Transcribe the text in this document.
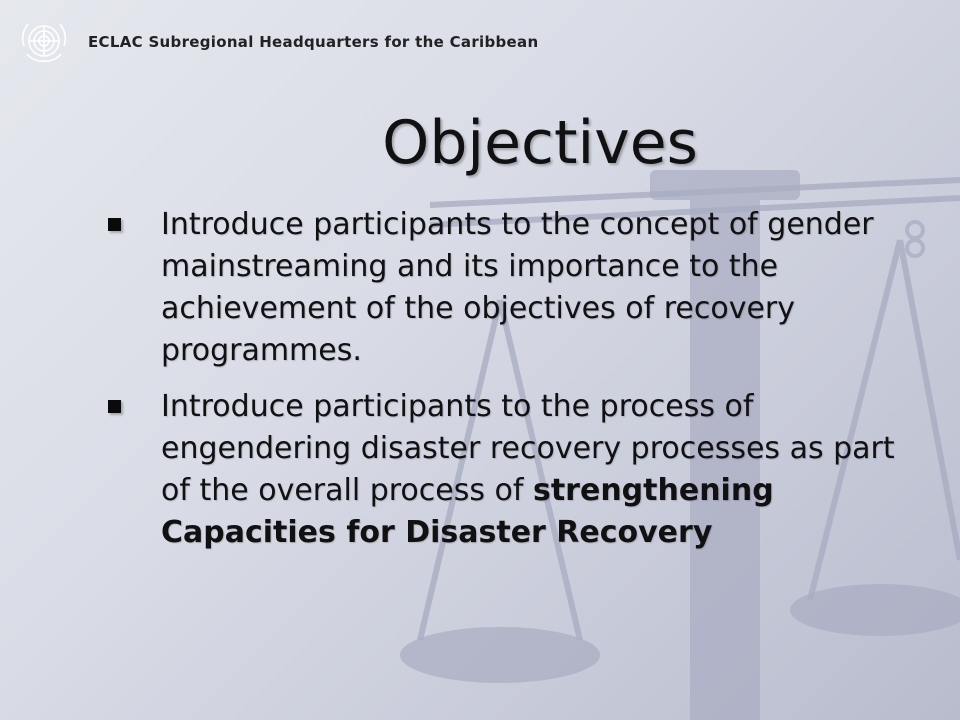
ECLAC Subregional Headquarters for the Caribbean
Objectives
Introduce participants to the concept of gender mainstreaming and its importance to the achievement of the objectives of recovery programmes.
Introduce participants to the process of engendering disaster recovery processes as part of the overall process of strengthening Capacities for Disaster Recovery
